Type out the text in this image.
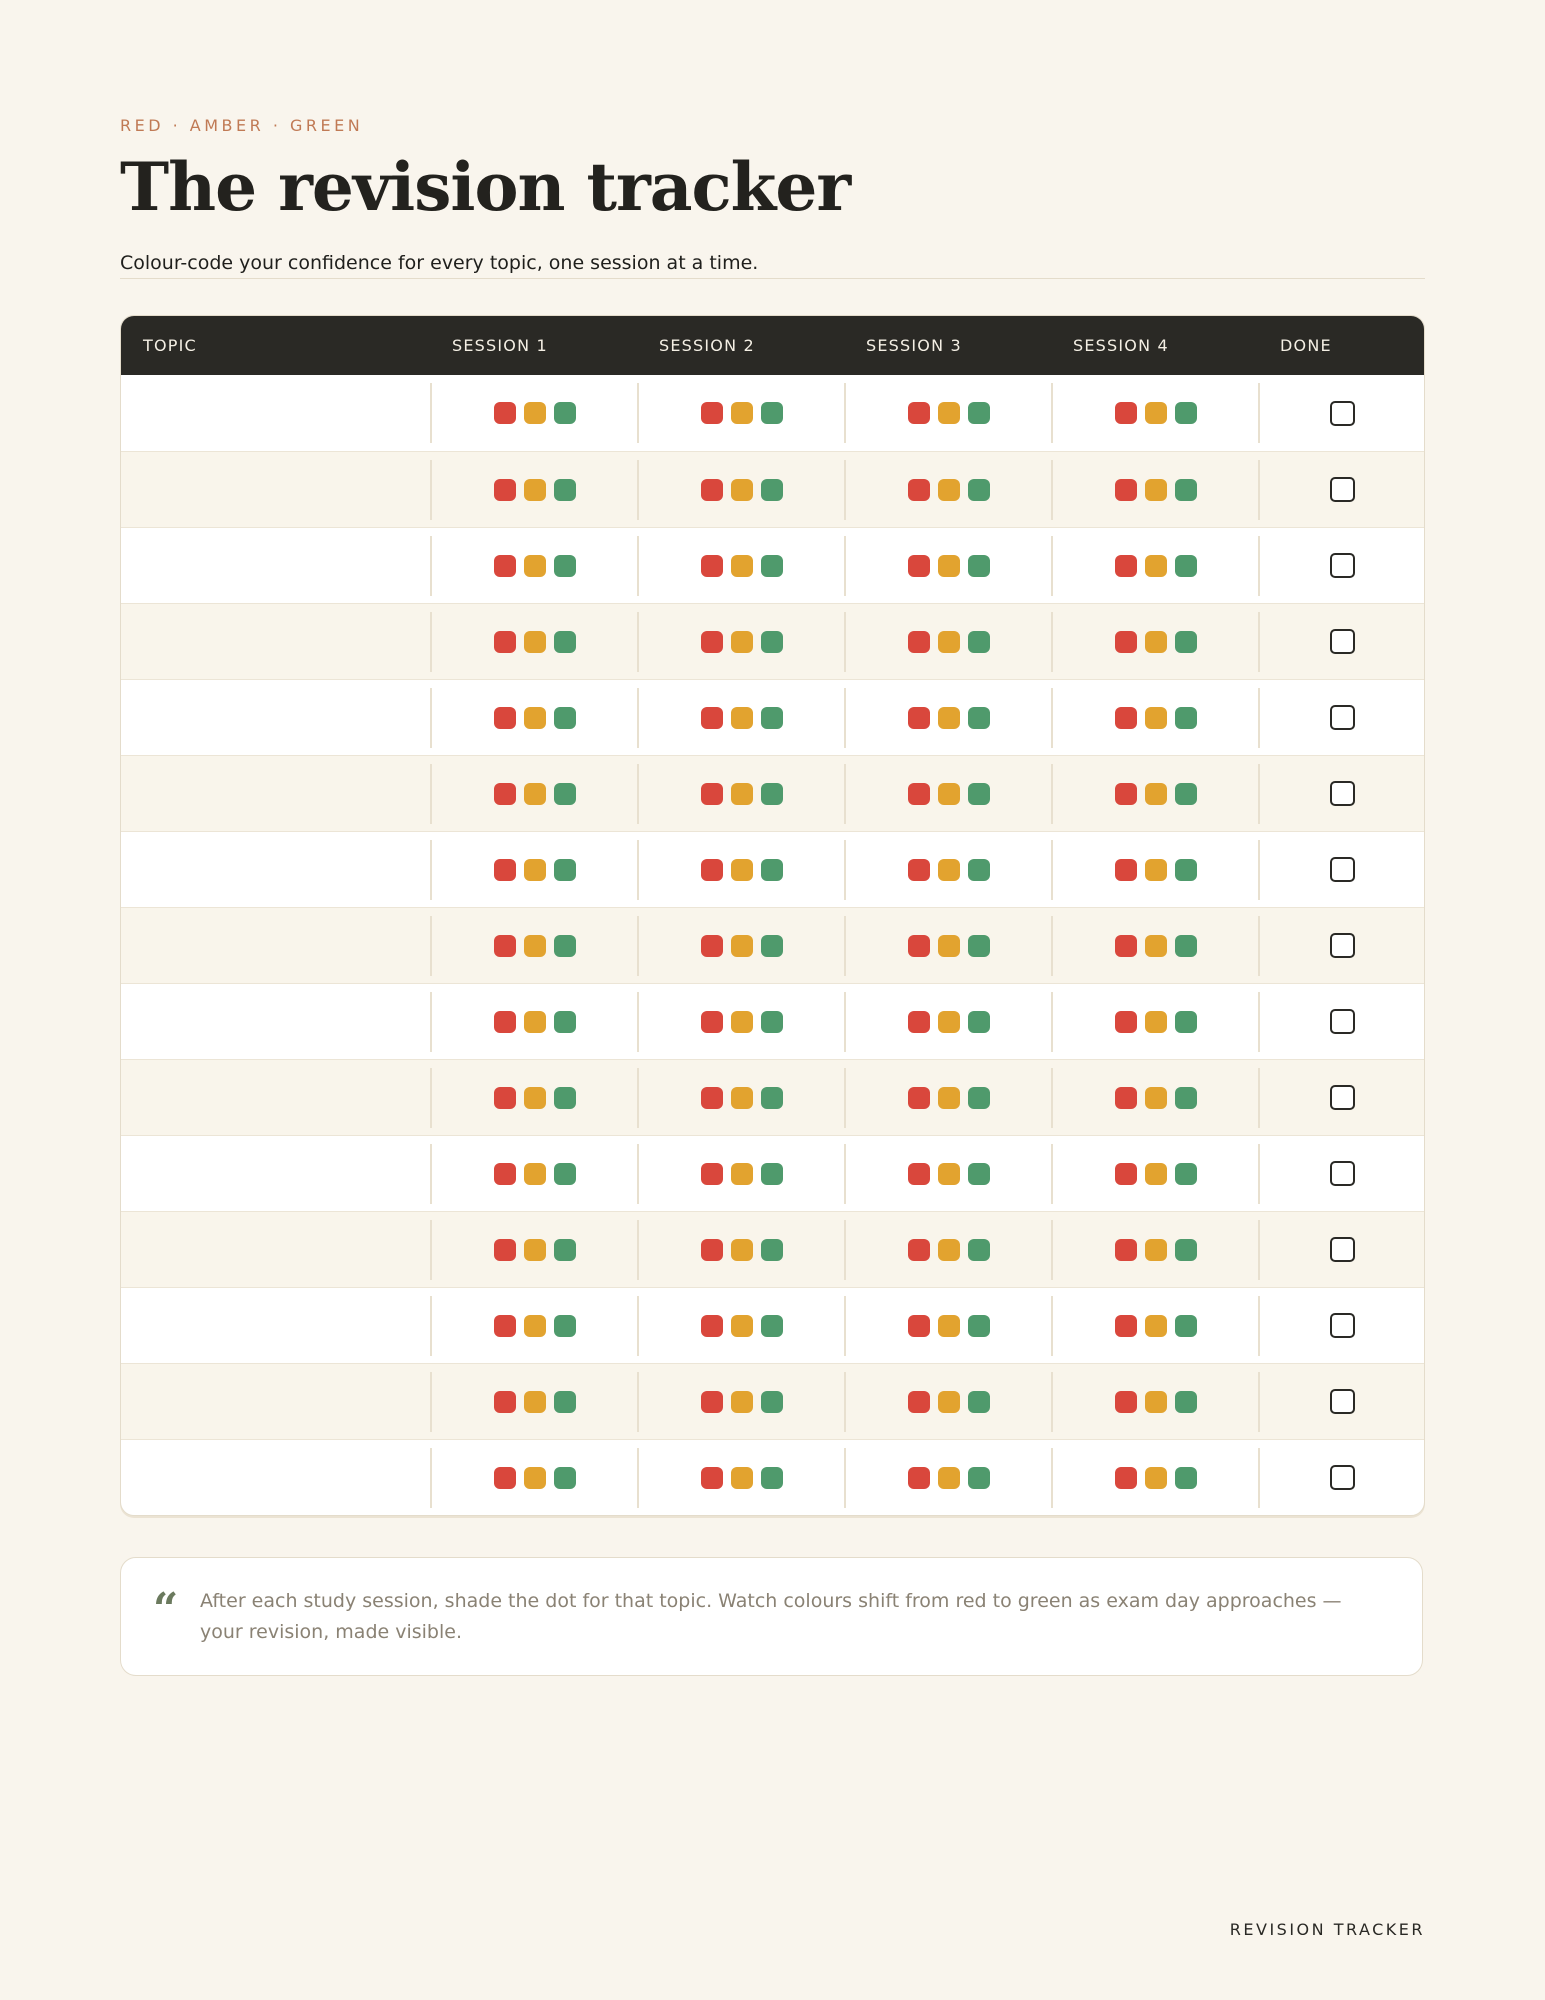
RED · AMBER · GREEN
The revision tracker
Colour-code your confidence for every topic, one session at a time.
TOPIC	SESSION 1	SESSION 2	SESSION 3	SESSION 4	DONE
“ After each study session, shade the dot for that topic. Watch colours shift from red to green as exam day approaches — your revision, made visible.
REVISION TRACKER
